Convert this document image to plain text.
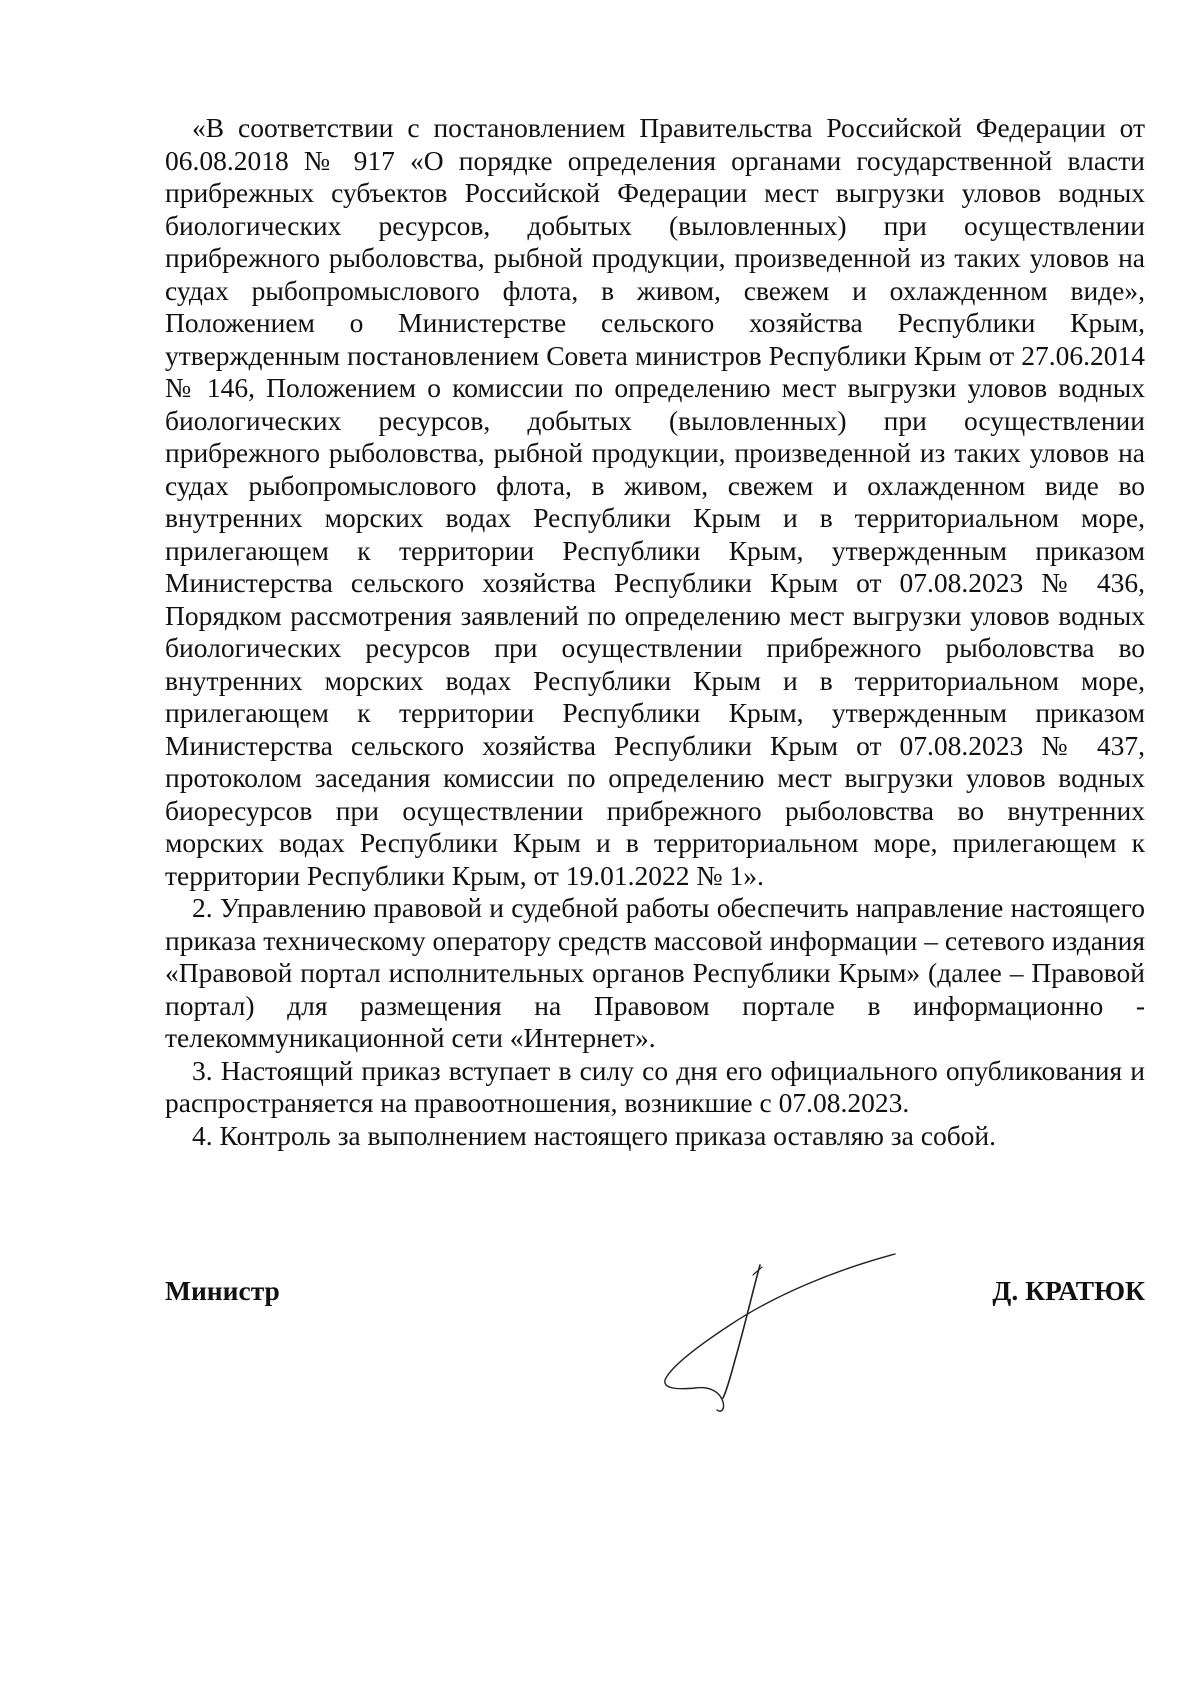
«В соответствии с постановлением Правительства Российской Федерации от 06.08.2018 № 917 «О порядке определения органами государственной власти прибрежных субъектов Российской Федерации мест выгрузки уловов водных биологических ресурсов, добытых (выловленных) при осуществлении прибрежного рыболовства, рыбной продукции, произведенной из таких уловов на судах рыбопромыслового флота, в живом, свежем и охлажденном виде», Положением о Министерстве сельского хозяйства Республики Крым, утвержденным постановлением Совета министров Республики Крым от 27.06.2014 № 146, Положением о комиссии по определению мест выгрузки уловов водных биологических ресурсов, добытых (выловленных) при осуществлении прибрежного рыболовства, рыбной продукции, произведенной из таких уловов на судах рыбопромыслового флота, в живом, свежем и охлажденном виде во внутренних морских водах Республики Крым и в территориальном море, прилегающем к территории Республики Крым, утвержденным приказом Министерства сельского хозяйства Республики Крым от 07.08.2023 № 436, Порядком рассмотрения заявлений по определению мест выгрузки уловов водных биологических ресурсов при осуществлении прибрежного рыболовства во внутренних морских водах Республики Крым и в территориальном море, прилегающем к территории Республики Крым, утвержденным приказом Министерства сельского хозяйства Республики Крым от 07.08.2023 № 437, протоколом заседания комиссии по определению мест выгрузки уловов водных биоресурсов при осуществлении прибрежного рыболовства во внутренних морских водах Республики Крым и в территориальном море, прилегающем к территории Республики Крым, от 19.01.2022 № 1».

2. Управлению правовой и судебной работы обеспечить направление настоящего приказа техническому оператору средств массовой информации – сетевого издания «Правовой портал исполнительных органов Республики Крым» (далее – Правовой портал) для размещения на Правовом портале в информационно - телекоммуникационной сети «Интернет».

3. Настоящий приказ вступает в силу со дня его официального опубликования и распространяется на правоотношения, возникшие с 07.08.2023.

4. Контроль за выполнением настоящего приказа оставляю за собой.

Министр	Д. КРАТЮК
